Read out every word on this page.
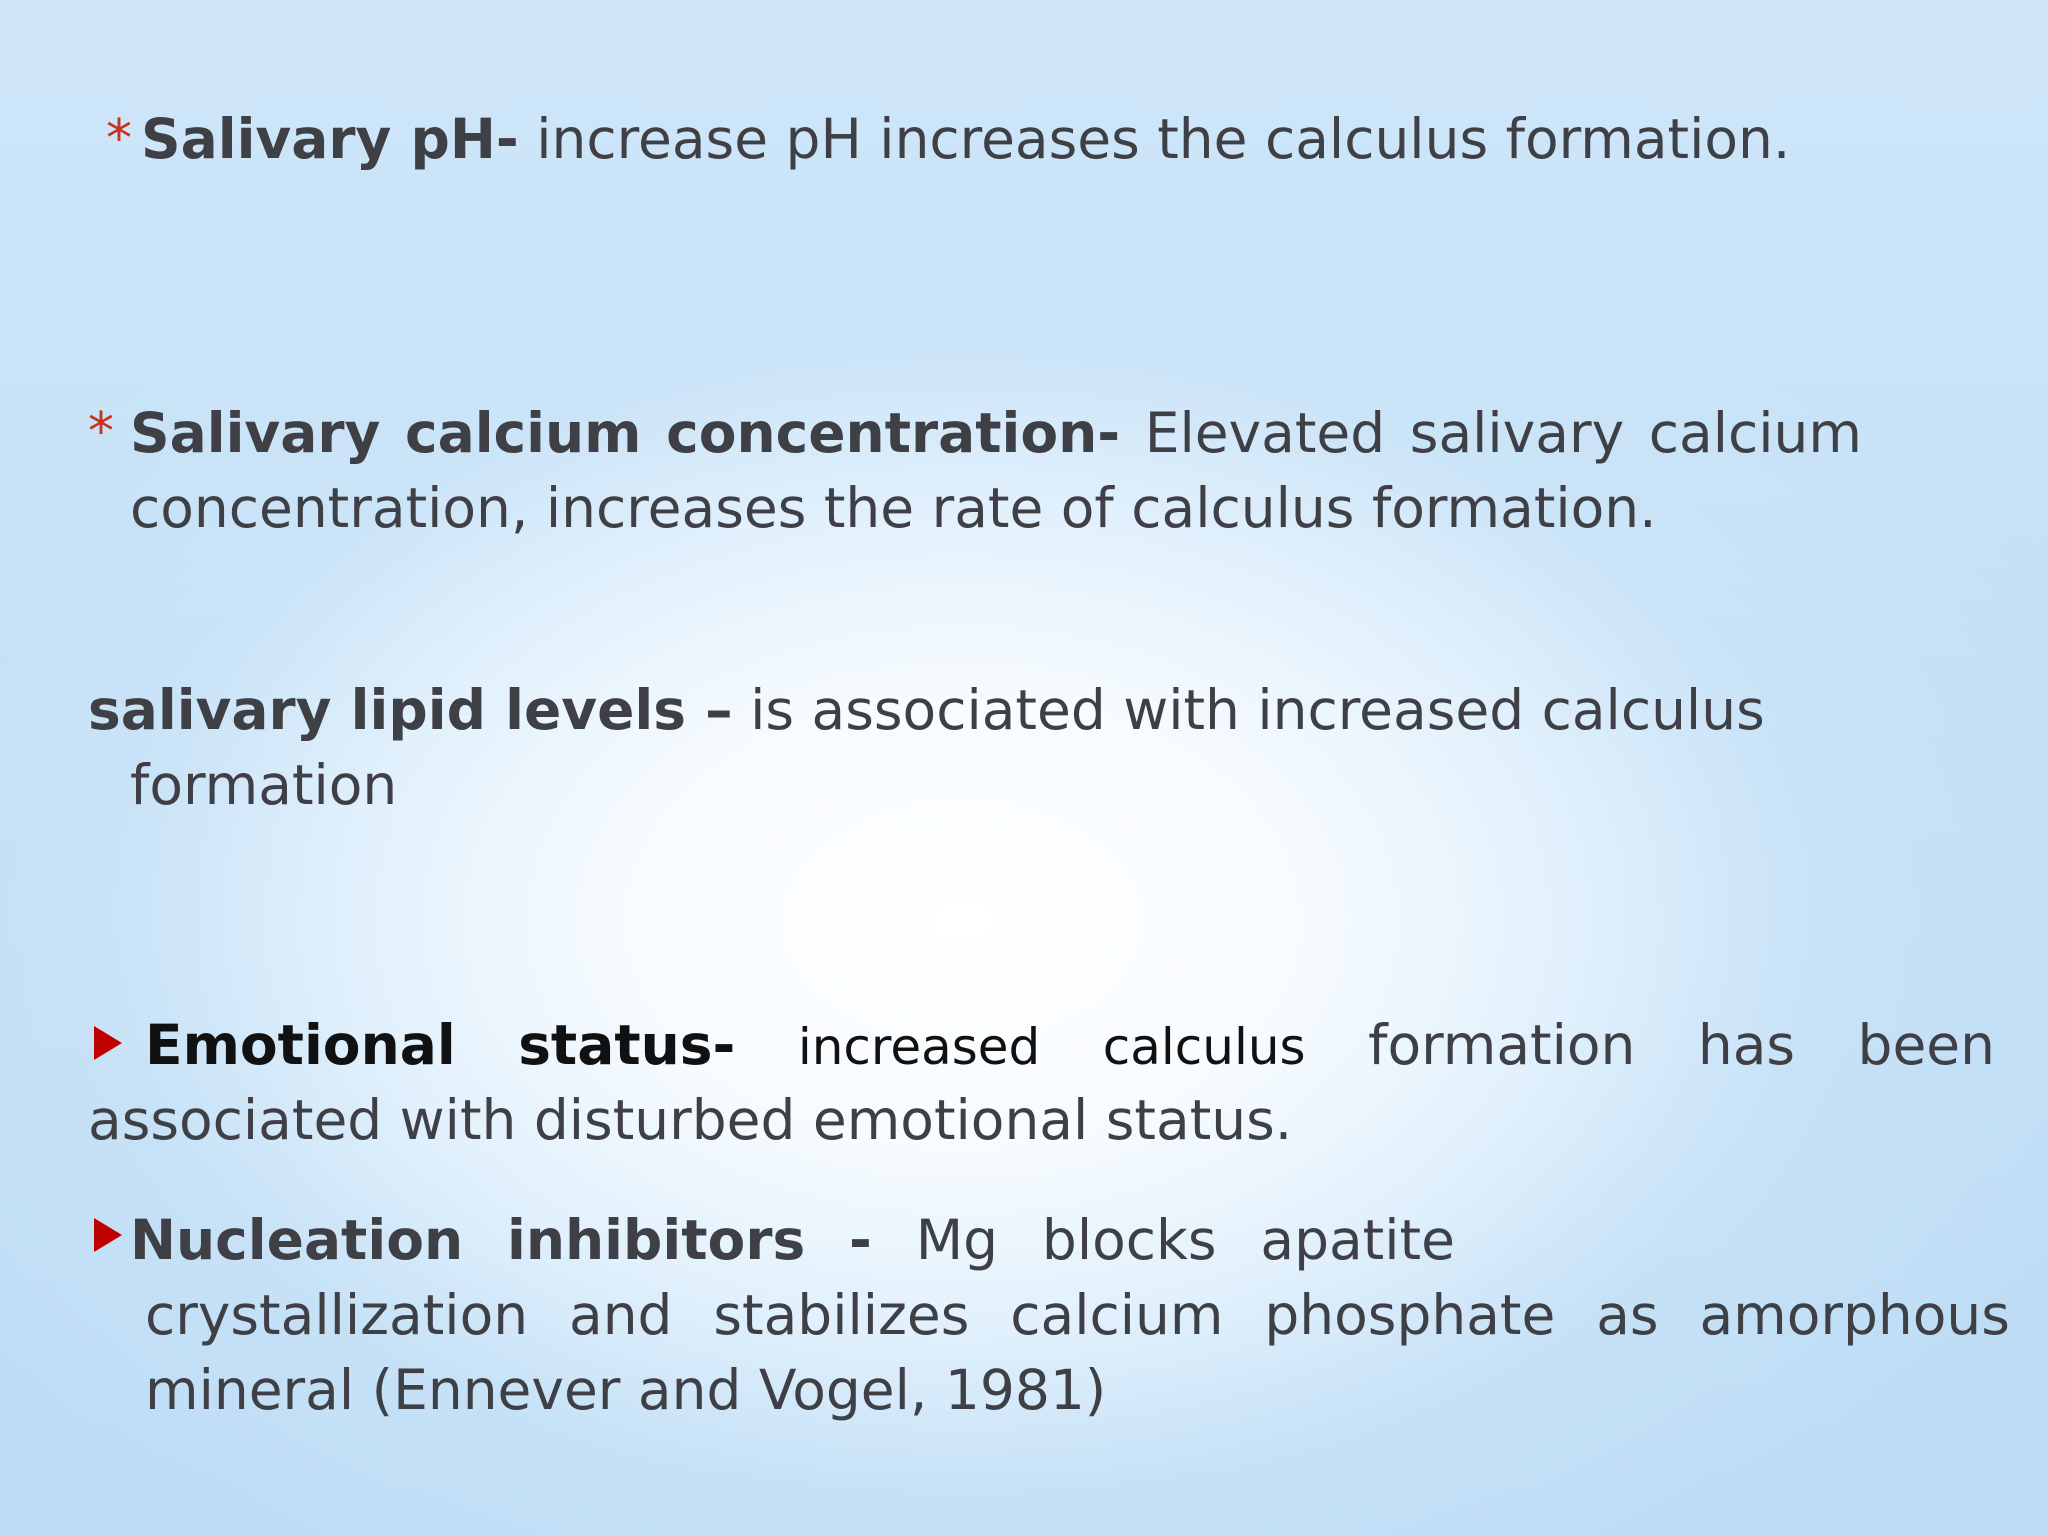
* Salivary pH- increase pH increases the calculus formation.
* Salivary calcium concentration- Elevated salivary calcium
concentration, increases the rate of calculus formation.
salivary lipid levels – is associated with increased calculus
formation
Emotional status- increased calculus formation has been
associated with disturbed emotional status.
Nucleation inhibitors - Mg blocks apatite
crystallization and stabilizes calcium phosphate as amorphous
mineral (Ennever and Vogel, 1981)
